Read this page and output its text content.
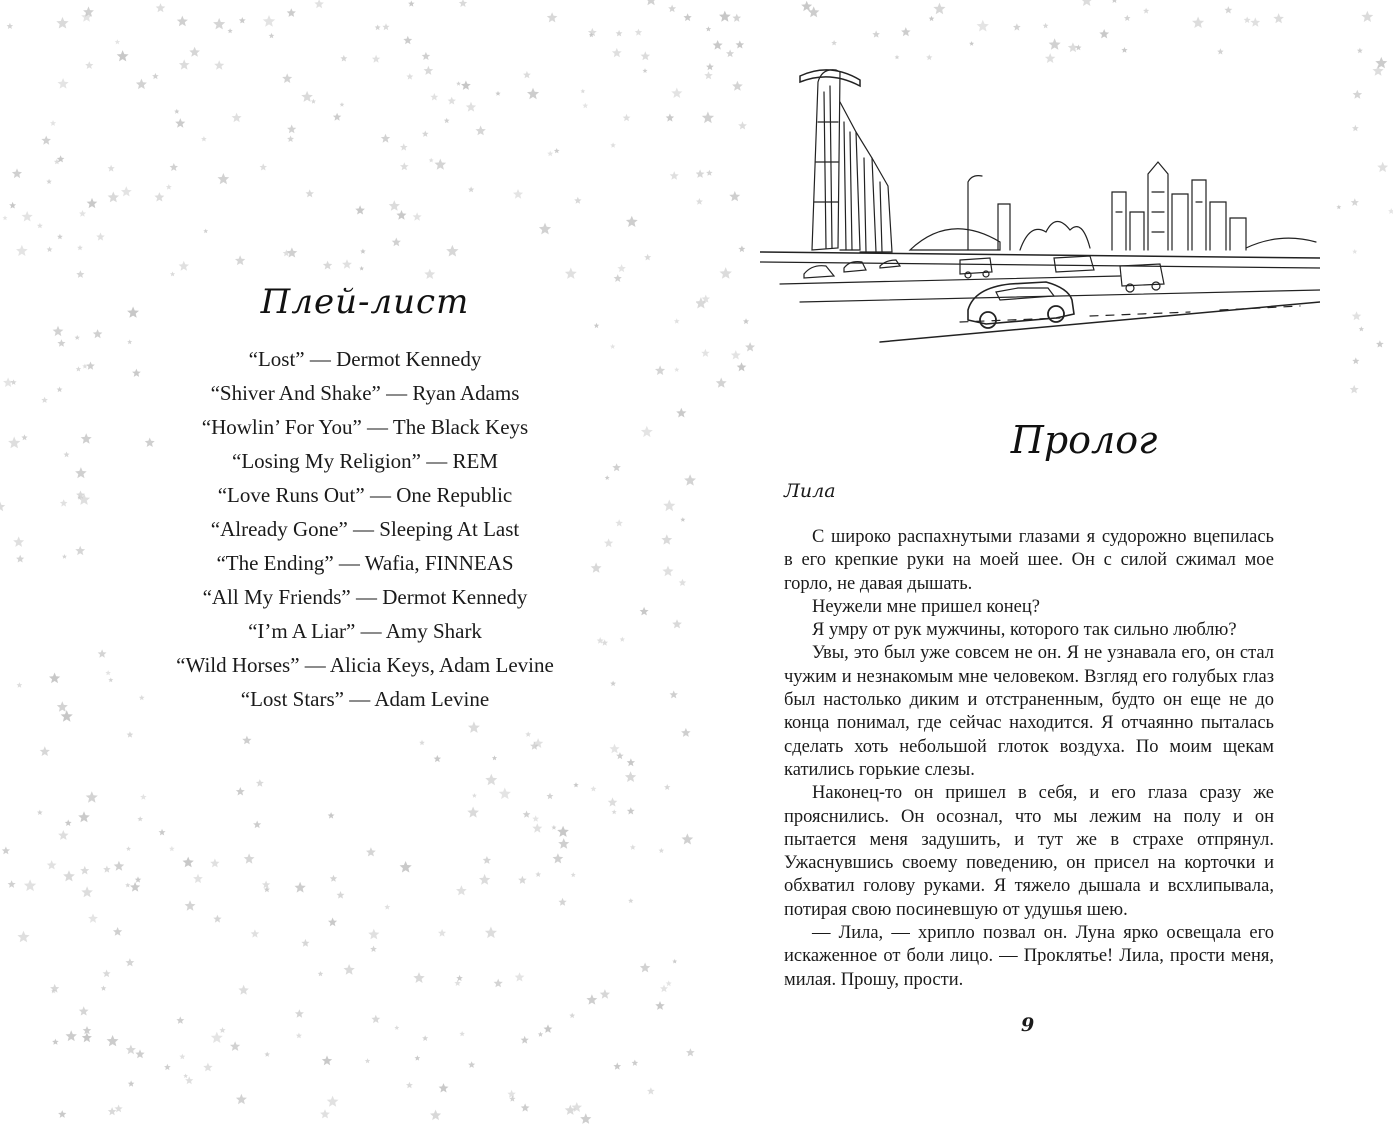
Плей-лист
“Lost” — Dermot Kennedy
“Shiver And Shake” — Ryan Adams
“Howlin’ For You” — The Black Keys
“Losing My Religion” — REM
“Love Runs Out” — One Republic
“Already Gone” — Sleeping At Last
“The Ending” — Wafia, FINNEAS
“All My Friends” — Dermot Kennedy
“I’m A Liar” — Amy Shark
“Wild Horses” — Alicia Keys, Adam Levine
“Lost Stars” — Adam Levine
Пролог
Лила

С широко распахнутыми глазами я судорожно вцепилась в его крепкие руки на моей шее. Он с силой сжимал мое горло, не давая дышать.

Неужели мне пришел конец?

Я умру от рук мужчины, которого так сильно люблю?

Увы, это был уже совсем не он. Я не узнавала его, он стал чужим и незнакомым мне человеком. Взгляд его голубых глаз был настолько диким и отстраненным, будто он еще не до конца понимал, где сейчас находится. Я отчаянно пыталась сделать хоть небольшой глоток воздуха. По моим щекам катились горькие слезы.

Наконец-то он пришел в себя, и его глаза сразу же прояснились. Он осознал, что мы лежим на полу и он пытается меня задушить, и тут же в страхе отпрянул. Ужаснувшись своему поведению, он присел на корточки и обхватил голову руками. Я тяжело дышала и всхлипывала, потирая свою посиневшую от удушья шею.

— Лила, — хрипло позвал он. Луна ярко освещала его искаженное от боли лицо. — Проклятье! Лила, прости меня, милая. Прошу, прости.

9
